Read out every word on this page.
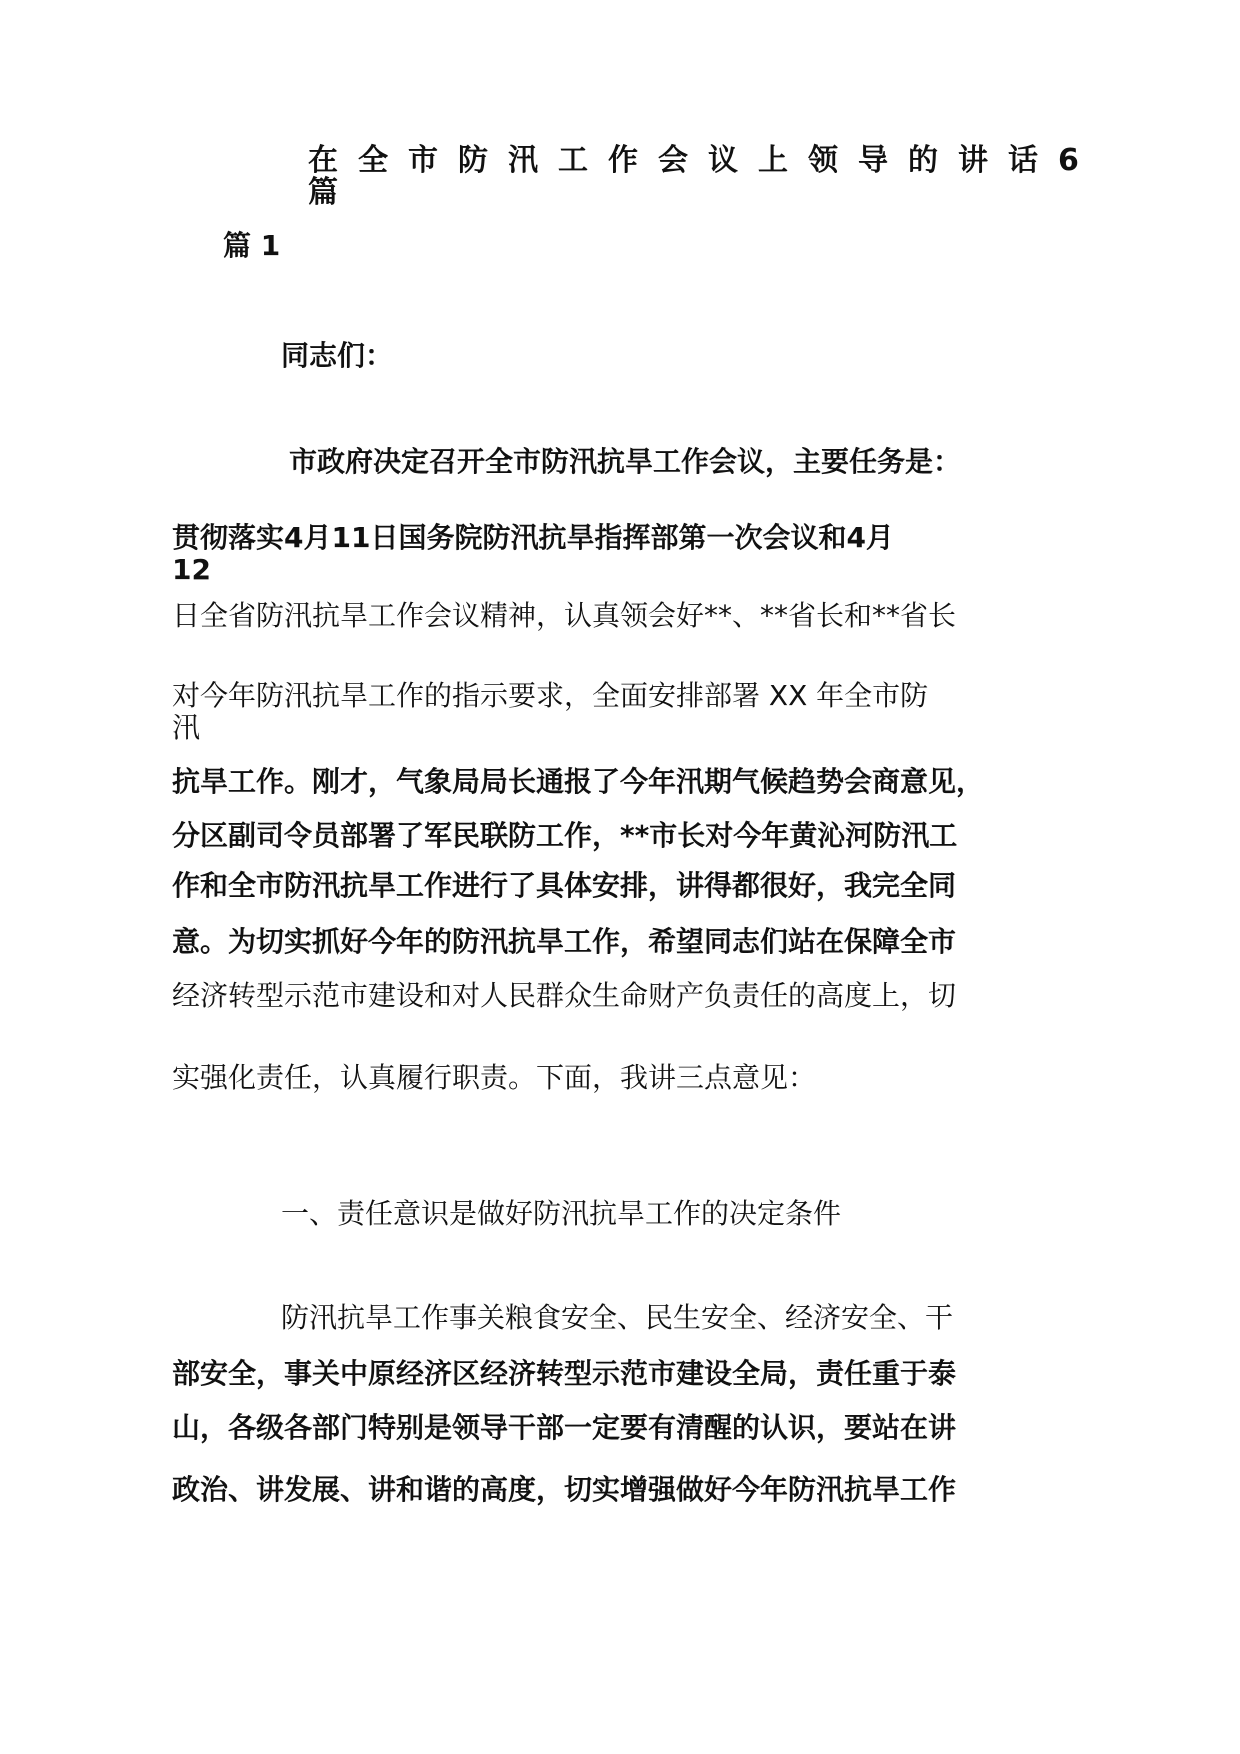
在全市防汛工作会议上领导的讲话6

篇

篇 1

同志们：

市政府决定召开全市防汛抗旱工作会议，主要任务是：

贯彻落实4月11日国务院防汛抗旱指挥部第一次会议和4月

12

日全省防汛抗旱工作会议精神，认真领会好**、**省长和**省长

对今年防汛抗旱工作的指示要求，全面安排部署 XX 年全市防

汛

抗旱工作。刚才，气象局局长通报了今年汛期气候趋势会商意见，

分区副司令员部署了军民联防工作，**市长对今年黄沁河防汛工

作和全市防汛抗旱工作进行了具体安排，讲得都很好，我完全同

意。为切实抓好今年的防汛抗旱工作，希望同志们站在保障全市

经济转型示范市建设和对人民群众生命财产负责任的高度上，切

实强化责任，认真履行职责。下面，我讲三点意见：

一、责任意识是做好防汛抗旱工作的决定条件

防汛抗旱工作事关粮食安全、民生安全、经济安全、干

部安全，事关中原经济区经济转型示范市建设全局，责任重于泰

山，各级各部门特别是领导干部一定要有清醒的认识，要站在讲

政治、讲发展、讲和谐的高度，切实增强做好今年防汛抗旱工作
